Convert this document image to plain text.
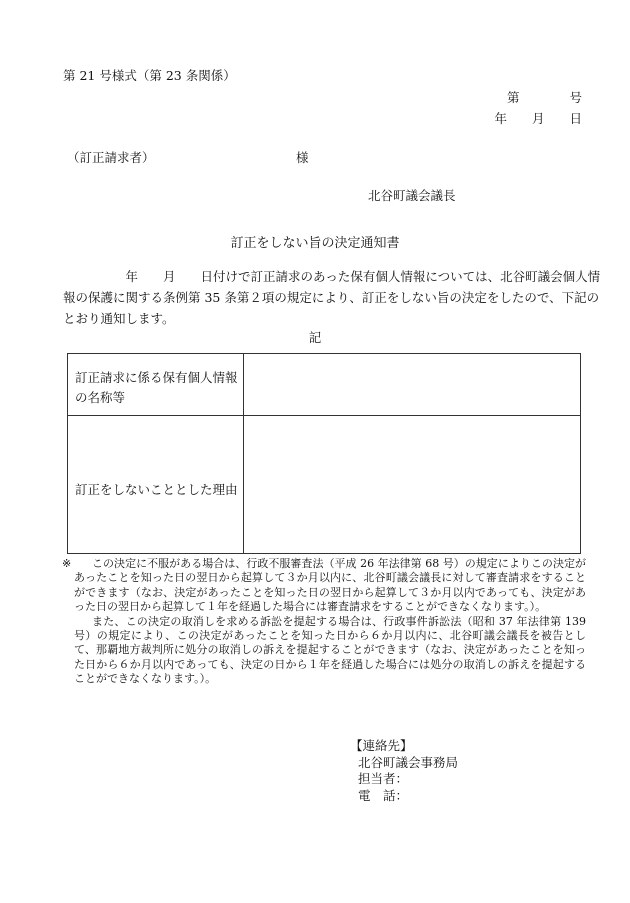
第 21 号様式（第 23 条関係）
第　　　　号
年　　月　　日
（訂正請求者）	様
北谷町議会議長
訂正をしない旨の決定通知書
　　　　　年　　月　　日付けで訂正請求のあった保有個人情報については、北谷町議会個人情
報の保護に関する条例第 35 条第２項の規定により、訂正をしない旨の決定をしたので、下記の
とおり通知します。
記
訂正請求に係る保有個人情報の名称等
訂正をしないこととした理由
※	この決定に不服がある場合は、行政不服審査法（平成 26 年法律第 68 号）の規定によりこの決定があったことを知った日の翌日から起算して３か月以内に、北谷町議会議長に対して審査請求をすることができます（なお、決定があったことを知った日の翌日から起算して３か月以内であっても、決定があった日の翌日から起算して１年を経過した場合には審査請求をすることができなくなります。）。
また、この決定の取消しを求める訴訟を提起する場合は、行政事件訴訟法（昭和 37 年法律第 139 号）の規定により、この決定があったことを知った日から６か月以内に、北谷町議会議長を被告として、那覇地方裁判所に処分の取消しの訴えを提起することができます（なお、決定があったことを知った日から６か月以内であっても、決定の日から１年を経過した場合には処分の取消しの訴えを提起することができなくなります。）。
【連絡先】
北谷町議会事務局
担当者：
電　話：
